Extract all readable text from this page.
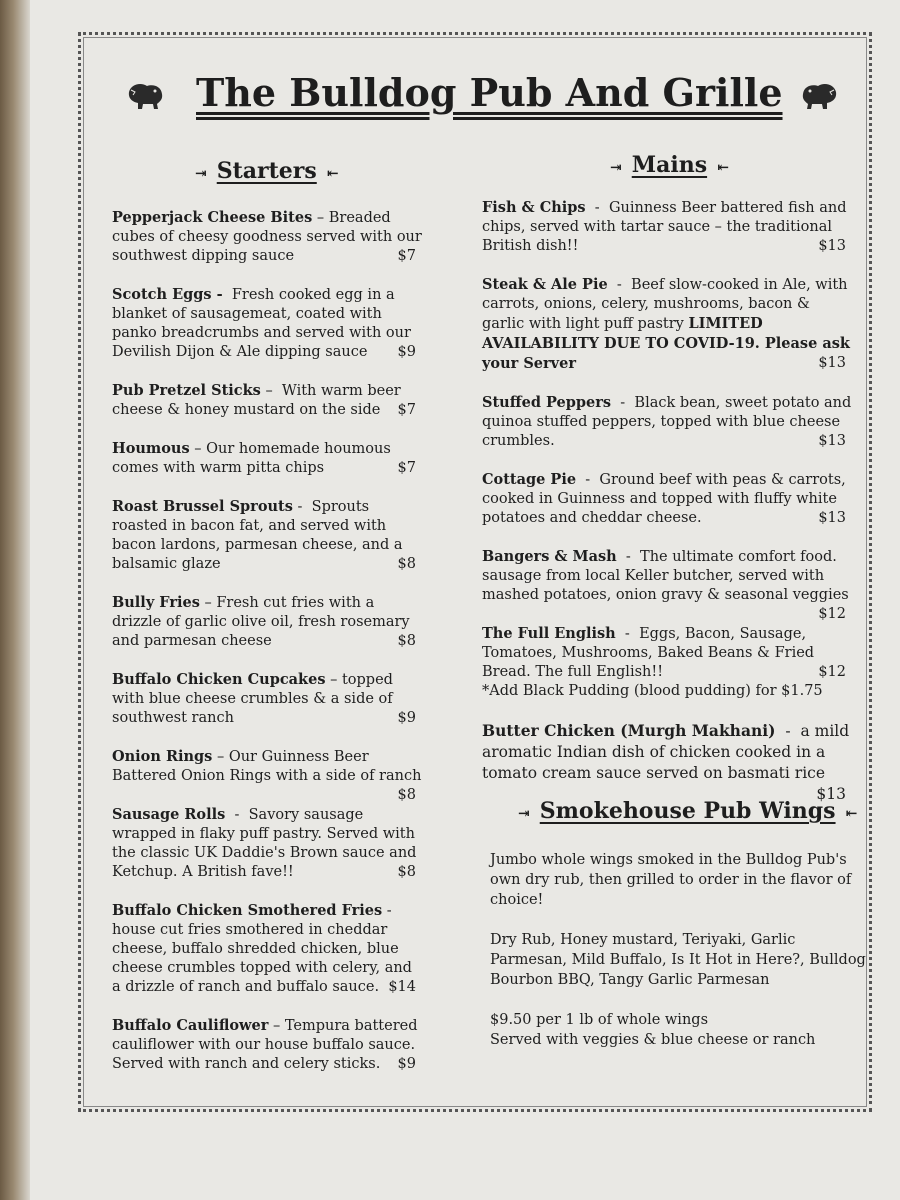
The Bulldog Pub And Grille
⇥ Starters ⇤	⇥ Mains ⇤
Pepperjack Cheese Bites – Breaded cubes of cheesy goodness served with our southwest dipping sauce	$7
Scotch Eggs - Fresh cooked egg in a blanket of sausagemeat, coated with panko breadcrumbs and served with our Devilish Dijon & Ale dipping sauce $9
Pub Pretzel Sticks –  With warm beer cheese & honey mustard on the side $7
Houmous – Our homemade houmous comes with warm pitta chips	$7
Roast Brussel Sprouts -  Sprouts roasted in bacon fat, and served with bacon lardons, parmesan cheese, and a balsamic glaze	$8
Bully Fries – Fresh cut fries with a drizzle of garlic olive oil, fresh rosemary and parmesan cheese	$8
Buffalo Chicken Cupcakes – topped with blue cheese crumbles & a side of southwest ranch	$9
Onion Rings – Our Guinness Beer Battered Onion Rings with a side of ranch
$8
Sausage Rolls  -  Savory sausage wrapped in flaky puff pastry. Served with the classic UK Daddie's Brown sauce and Ketchup. A British fave!!	$8
Buffalo Chicken Smothered Fries - house cut fries smothered in cheddar cheese, buffalo shredded chicken, blue cheese crumbles topped with celery, and a drizzle of ranch and buffalo sauce. $14
Buffalo Cauliflower – Tempura battered cauliflower with our house buffalo sauce. Served with ranch and celery sticks. $9
Fish & Chips  -  Guinness Beer battered fish and chips, served with tartar sauce – the traditional British dish!!	$13
Steak & Ale Pie  -  Beef slow-cooked in Ale, with carrots, onions, celery, mushrooms, bacon & garlic with light puff pastry LIMITED AVAILABILITY DUE TO COVID-19. Please ask your Server	$13
Stuffed Peppers  -  Black bean, sweet potato and quinoa stuffed peppers, topped with blue cheese crumbles.	$13
Cottage Pie  -  Ground beef with peas & carrots, cooked in Guinness and topped with fluffy white potatoes and cheddar cheese.	$13
Bangers & Mash  -  The ultimate comfort food. sausage from local Keller butcher, served with mashed potatoes, onion gravy & seasonal veggies
$12
The Full English  -  Eggs, Bacon, Sausage, Tomatoes, Mushrooms, Baked Beans & Fried Bread. The full English!!	$12
*Add Black Pudding (blood pudding) for $1.75
Butter Chicken (Murgh Makhani)  -  a mild aromatic Indian dish of chicken cooked in a tomato cream sauce served on basmati rice
$13
⇥ Smokehouse Pub Wings ⇤

Jumbo whole wings smoked in the Bulldog Pub's own dry rub, then grilled to order in the flavor of choice!

Dry Rub, Honey mustard, Teriyaki, Garlic Parmesan, Mild Buffalo, Is It Hot in Here?, Bulldog Bourbon BBQ, Tangy Garlic Parmesan

$9.50 per 1 lb of whole wings

Served with veggies & blue cheese or ranch
